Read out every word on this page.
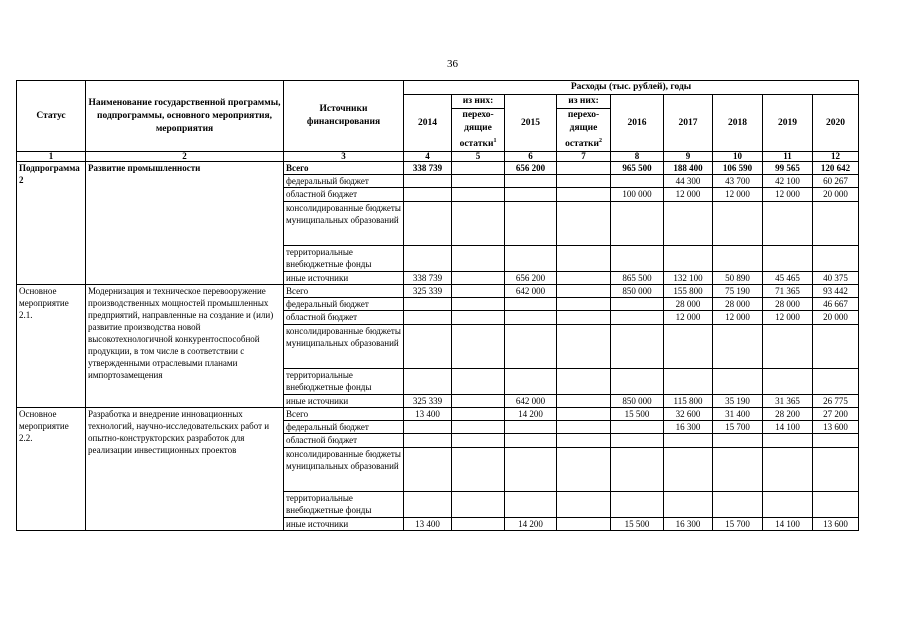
36
Статус	Наименование государственной программы, подпрограммы, основного мероприятия, мероприятия	Источники финансирования	Расходы (тыс. рублей), годы								
			2014	из них:	2015	из них:	2016	2017	2018	2019	2020
				перехо-дящие остатки$^1$		перехо-дящие остатки$^2$
1	2	3	4	5	6	7	8	9	10	11	12
Подпрограмма 2	Развитие промышленности	Всего	338 739		656 200		965 500	188 400	106 590	99 565	120 642
		федеральный бюджет						44 300	43 700	42 100	60 267
		областной бюджет					100 000	12 000	12 000	12 000	20 000
		консолидированные бюджеты муниципальных образований									
		территориальные внебюджетные фонды									
		иные источники	338 739		656 200		865 500	132 100	50 890	45 465	40 375
Основное мероприятие 2.1.	Модернизация и техническое перевооружение производственных мощностей промышленных предприятий, направленные на создание и (или) развитие производства новой высокотехнологичной конкурентоспособной продукции, в том числе в соответствии с утвержденными отраслевыми планами импортозамещения	Всего	325 339		642 000		850 000	155 800	75 190	71 365	93 442
		федеральный бюджет						28 000	28 000	28 000	46 667
		областной бюджет						12 000	12 000	12 000	20 000
		консолидированные бюджеты муниципальных образований									
		территориальные внебюджетные фонды									
		иные источники	325 339		642 000		850 000	115 800	35 190	31 365	26 775
Основное мероприятие 2.2.	Разработка и внедрение инновационных технологий, научно-исследовательских работ и опытно-конструкторских разработок для реализации инвестиционных проектов	Всего	13 400		14 200		15 500	32 600	31 400	28 200	27 200
		федеральный бюджет						16 300	15 700	14 100	13 600
		областной бюджет									
		консолидированные бюджеты муниципальных образований									
		территориальные внебюджетные фонды									
		иные источники	13 400		14 200		15 500	16 300	15 700	14 100	13 600
